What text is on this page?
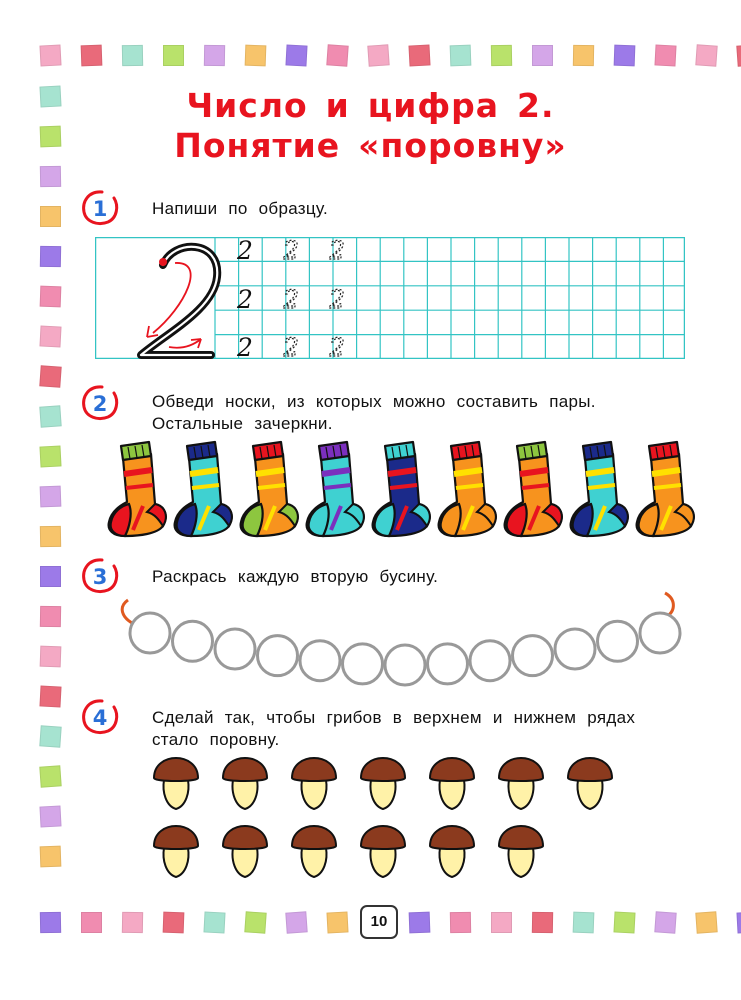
Число и цифра 2.
Понятие «поровну»
1	Напиши по образцу.
2 2 2
2 2 2
2 2 2
2	Обведи носки, из которых можно составить пары.
Остальные зачеркни.
3	Раскрась каждую вторую бусину.
4	Сделай так, чтобы грибов в верхнем и нижнем рядах
стало поровну.
10
